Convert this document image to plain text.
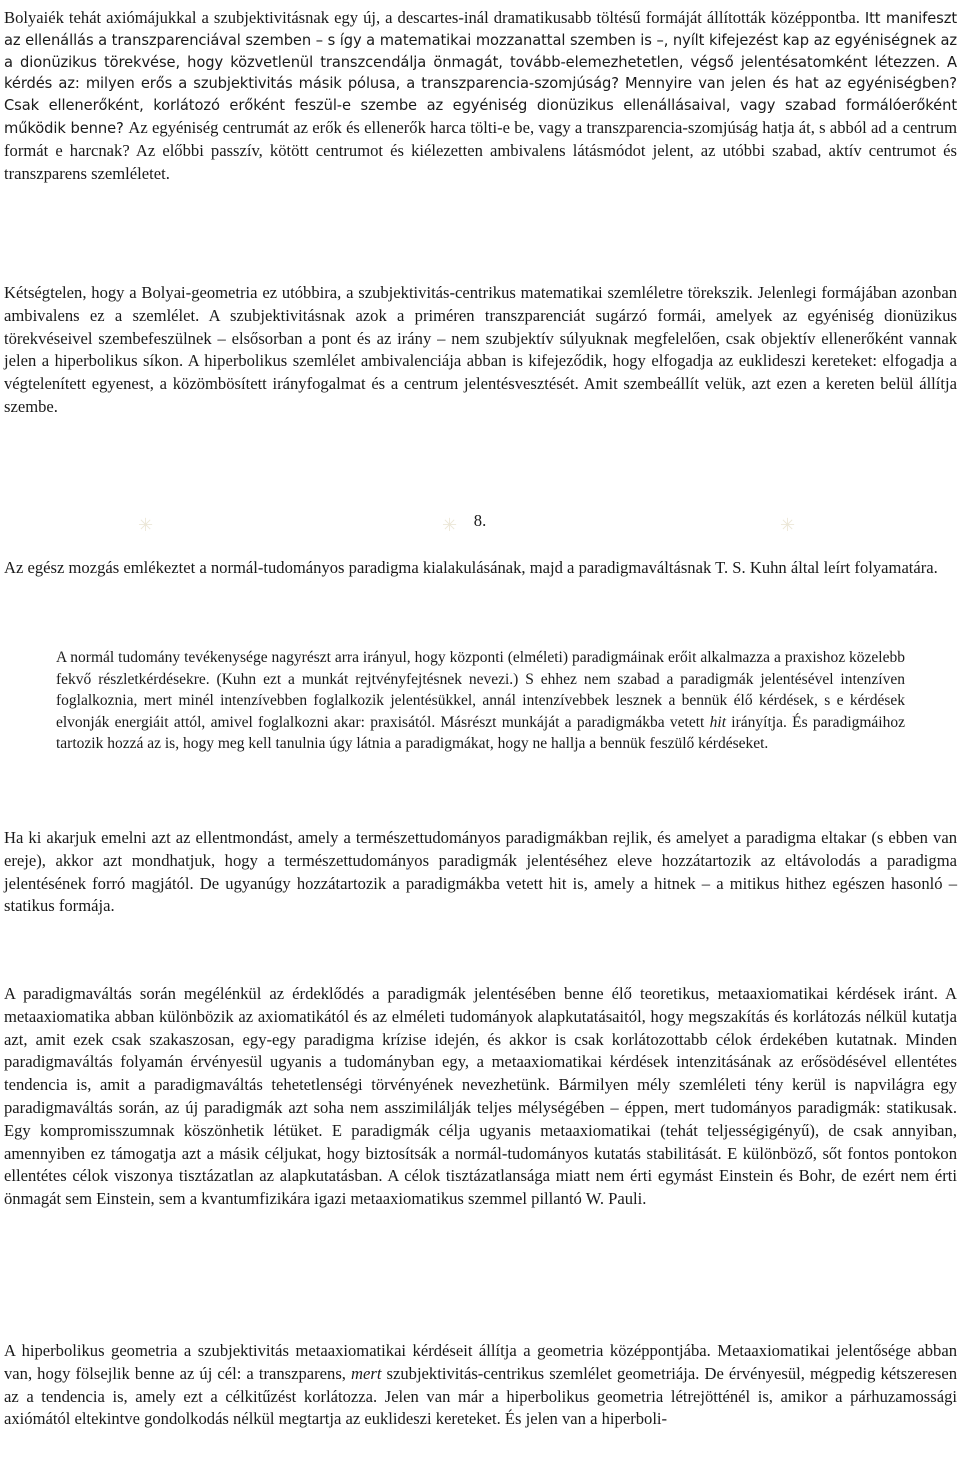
✳	✳	✳

Bolyaiék tehát axiómájukkal a szubjektivitásnak egy új, a descartes-inál dramatikusabb töltésű formáját állították középpontba. Itt manifeszt az ellenállás a transzparenciával szemben – s így a matematikai mozzanattal szemben is –, nyílt kifejezést kap az egyéniségnek az a dionüzikus törekvése, hogy közvetlenül transzcendálja önmagát, tovább-elemezhetetlen, végső jelentésatomként létezzen. A kérdés az: milyen erős a szubjektivitás másik pólusa, a transzparencia-szomjúság? Mennyire van jelen és hat az egyéniségben? Csak ellenerőként, korlátozó erőként feszül-e szembe az egyéniség dionüzikus ellenállásaival, vagy szabad formálóerőként működik benne? Az egyéniség centrumát az erők és ellenerők harca tölti-e be, vagy a transzparencia-szomjúság hatja át, s abból ad a centrum formát e harcnak? Az előbbi passzív, kötött centrumot és kiélezetten ambivalens látásmódot jelent, az utóbbi szabad, aktív centrumot és transzparens szemléletet.

Kétségtelen, hogy a Bolyai-geometria ez utóbbira, a szubjektivitás-centrikus matematikai szemléletre törekszik. Jelenlegi formájában azonban ambivalens ez a szemlélet. A szubjektivitásnak azok a priméren transzparenciát sugárzó formái, amelyek az egyéniség dionüzikus törekvéseivel szembefeszülnek – elsősorban a pont és az irány – nem szubjektív súlyuknak megfelelően, csak objektív ellenerőként vannak jelen a hiperbolikus síkon. A hiperbolikus szemlélet ambivalenciája abban is kifejeződik, hogy elfogadja az euklideszi kereteket: elfogadja a végtelenített egyenest, a közömbösített irányfogalmat és a centrum jelentésvesztését. Amit szembeállít velük, azt ezen a kereten belül állítja szembe.

8.

Az egész mozgás emlékeztet a normál-tudományos paradigma kialakulásának, majd a paradigmaváltásnak T. S. Kuhn által leírt folyamatára.

A normál tudomány tevékenysége nagyrészt arra irányul, hogy központi (elméleti) paradigmáinak erőit alkalmazza a praxishoz közelebb fekvő részletkérdésekre. (Kuhn ezt a munkát rejtvényfejtésnek nevezi.) S ehhez nem szabad a paradigmák jelentésével intenzíven foglalkoznia, mert minél intenzívebben foglalkozik jelentésükkel, annál intenzívebbek lesznek a bennük élő kérdések, s e kérdések elvonják energiáit attól, amivel foglalkozni akar: praxisától. Másrészt munkáját a paradigmákba vetett hit irányítja. És paradigmáihoz tartozik hozzá az is, hogy meg kell tanulnia úgy látnia a paradigmákat, hogy ne hallja a bennük feszülő kérdéseket.

Ha ki akarjuk emelni azt az ellentmondást, amely a természettudományos paradigmákban rejlik, és amelyet a paradigma eltakar (s ebben van ereje), akkor azt mondhatjuk, hogy a természettudományos paradigmák jelentéséhez eleve hozzátartozik az eltávolodás a paradigma jelentésének forró magjától. De ugyanúgy hozzátartozik a paradigmákba vetett hit is, amely a hitnek – a mitikus hithez egészen hasonló – statikus formája.

A paradigmaváltás során megélénkül az érdeklődés a paradigmák jelentésében benne élő teoretikus, metaaxiomatikai kérdések iránt. A metaaxiomatika abban különbözik az axiomatikától és az elméleti tudományok alapkutatásaitól, hogy megszakítás és korlátozás nélkül kutatja azt, amit ezek csak szakaszosan, egy-egy paradigma krízise idején, és akkor is csak korlátozottabb célok érdekében kutatnak. Minden paradigmaváltás folyamán érvényesül ugyanis a tudományban egy, a metaaxiomatikai kérdések intenzitásának az erősödésével ellentétes tendencia is, amit a paradigmaváltás tehetetlenségi törvényének nevezhetünk. Bármilyen mély szemléleti tény kerül is napvilágra egy paradigmaváltás során, az új paradigmák azt soha nem asszimilálják teljes mélységében – éppen, mert tudományos paradigmák: statikusak. Egy kompromisszumnak köszönhetik létüket. E paradigmák célja ugyanis metaaxiomatikai (tehát teljességigényű), de csak annyiban, amennyiben ez támogatja azt a másik céljukat, hogy biztosítsák a normál-tudományos kutatás stabilitását. E különböző, sőt fontos pontokon ellentétes célok viszonya tisztázatlan az alapkutatásban. A célok tisztázatlansága miatt nem érti egymást Einstein és Bohr, de ezért nem érti önmagát sem Einstein, sem a kvantumfizikára igazi metaaxiomatikus szemmel pillantó W. Pauli.

A hiperbolikus geometria a szubjektivitás metaaxiomatikai kérdéseit állítja a geometria középpontjába. Metaaxiomatikai jelentősége abban van, hogy fölsejlik benne az új cél: a transzparens, mert szubjektivitás-centrikus szemlélet geometriája. De érvényesül, mégpedig kétszeresen az a tendencia is, amely ezt a célkitűzést korlátozza. Jelen van már a hiperbolikus geometria létrejötténél is, amikor a párhuzamossági axiómától eltekintve gondolkodás nélkül megtartja az euklideszi kereteket. És jelen van a hiperboli-
